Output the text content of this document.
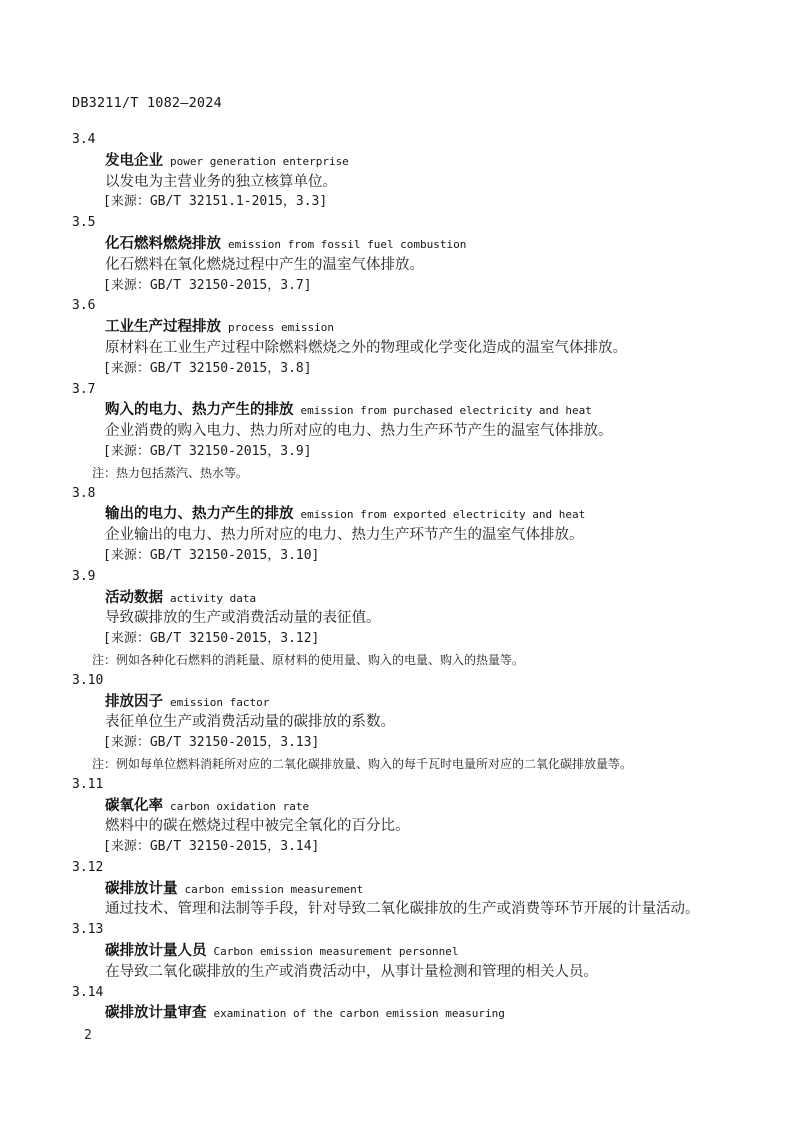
DB3211/T 1082—2024
3.4
发电企业 power generation enterprise
以发电为主营业务的独立核算单位。
[来源：GB/T 32151.1-2015，3.3]
3.5
化石燃料燃烧排放 emission from fossil fuel combustion
化石燃料在氧化燃烧过程中产生的温室气体排放。
[来源：GB/T 32150-2015，3.7]
3.6
工业生产过程排放 process emission
原材料在工业生产过程中除燃料燃烧之外的物理或化学变化造成的温室气体排放。
[来源：GB/T 32150-2015，3.8]
3.7
购入的电力、热力产生的排放 emission from purchased electricity and heat
企业消费的购入电力、热力所对应的电力、热力生产环节产生的温室气体排放。
[来源：GB/T 32150-2015，3.9]
注：热力包括蒸汽、热水等。
3.8
输出的电力、热力产生的排放 emission from exported electricity and heat
企业输出的电力、热力所对应的电力、热力生产环节产生的温室气体排放。
[来源：GB/T 32150-2015，3.10]
3.9
活动数据 activity data
导致碳排放的生产或消费活动量的表征值。
[来源：GB/T 32150-2015，3.12]
注：例如各种化石燃料的消耗量、原材料的使用量、购入的电量、购入的热量等。
3.10
排放因子 emission factor
表征单位生产或消费活动量的碳排放的系数。
[来源：GB/T 32150-2015，3.13]
注：例如每单位燃料消耗所对应的二氧化碳排放量、购入的每千瓦时电量所对应的二氧化碳排放量等。
3.11
碳氧化率 carbon oxidation rate
燃料中的碳在燃烧过程中被完全氧化的百分比。
[来源：GB/T 32150-2015，3.14]
3.12
碳排放计量 carbon emission measurement
通过技术、管理和法制等手段，针对导致二氧化碳排放的生产或消费等环节开展的计量活动。
3.13
碳排放计量人员 Carbon emission measurement personnel
在导致二氧化碳排放的生产或消费活动中，从事计量检测和管理的相关人员。
3.14
碳排放计量审查 examination of the carbon emission measuring
2
